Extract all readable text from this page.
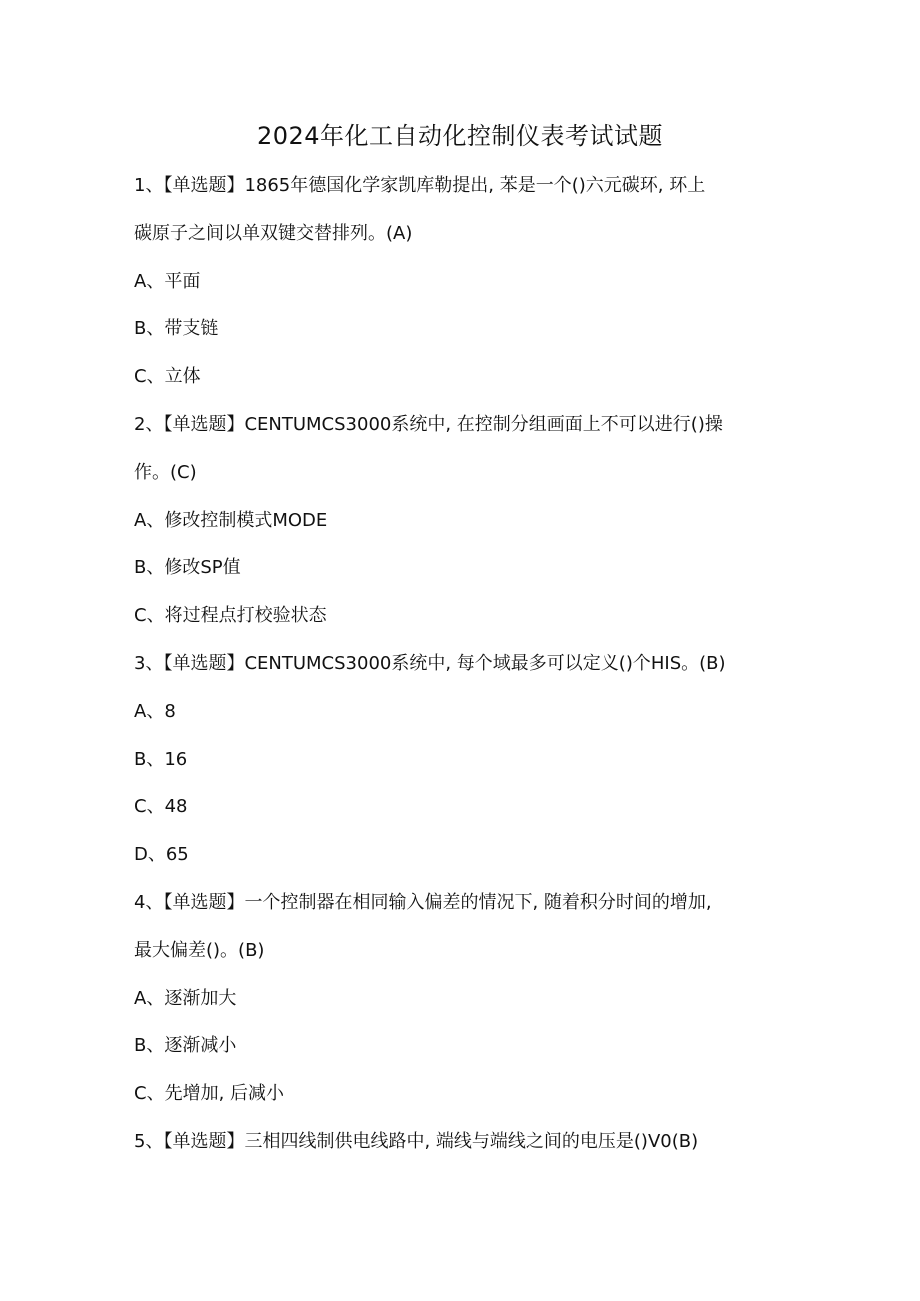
2024年化工自动化控制仪表考试试题
1、【单选题】1865年德国化学家凯库勒提出, 苯是一个()六元碳环, 环上
碳原子之间以单双键交替排列。(A)
A、平面
B、带支链
C、立体
2、【单选题】CENTUMCS3000系统中, 在控制分组画面上不可以进行()操
作。(C)
A、修改控制模式MODE
B、修改SP值
C、将过程点打校验状态
3、【单选题】CENTUMCS3000系统中, 每个域最多可以定义()个HIS。(B)
A、8
B、16
C、48
D、65
4、【单选题】一个控制器在相同输入偏差的情况下, 随着积分时间的增加,
最大偏差()。(B)
A、逐渐加大
B、逐渐减小
C、先增加, 后减小
5、【单选题】三相四线制供电线路中, 端线与端线之间的电压是()V0(B)
